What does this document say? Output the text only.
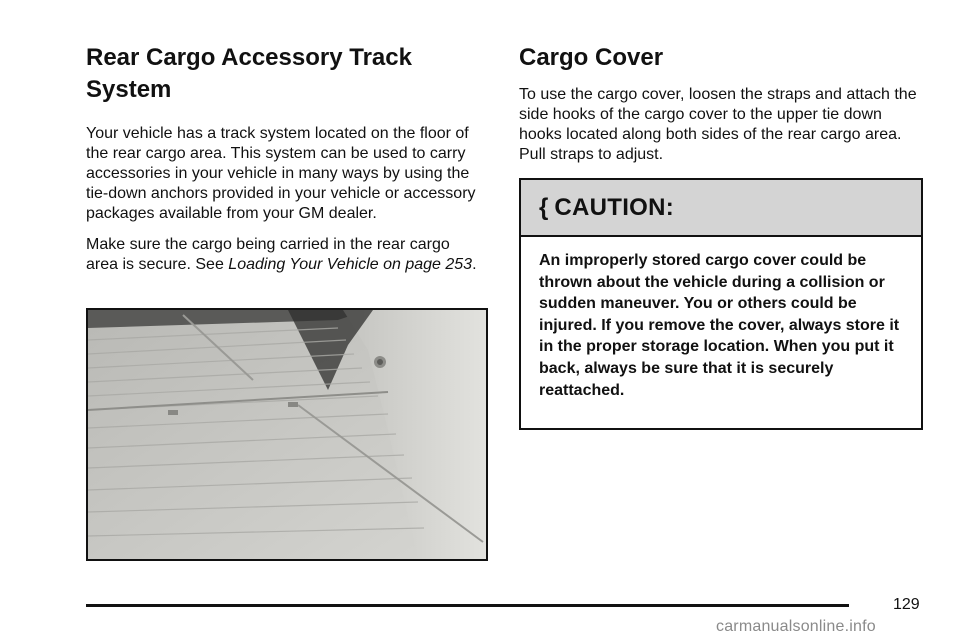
Rear Cargo Accessory Track System

Your vehicle has a track system located on the floor of the rear cargo area. This system can be used to carry accessories in your vehicle in many ways by using the tie-down anchors provided in your vehicle or accessory packages available from your GM dealer.

Make sure the cargo being carried in the rear cargo area is secure. See Loading Your Vehicle on page 253.

Cargo Cover

To use the cargo cover, loosen the straps and attach the side hooks of the cargo cover to the upper tie down hooks located along both sides of the rear cargo area. Pull straps to adjust.

{ CAUTION:
An improperly stored cargo cover could be thrown about the vehicle during a collision or sudden maneuver. You or others could be injured. If you remove the cover, always store it in the proper storage location. When you put it back, always be sure that it is securely reattached.
129
carmanualsonline.info
